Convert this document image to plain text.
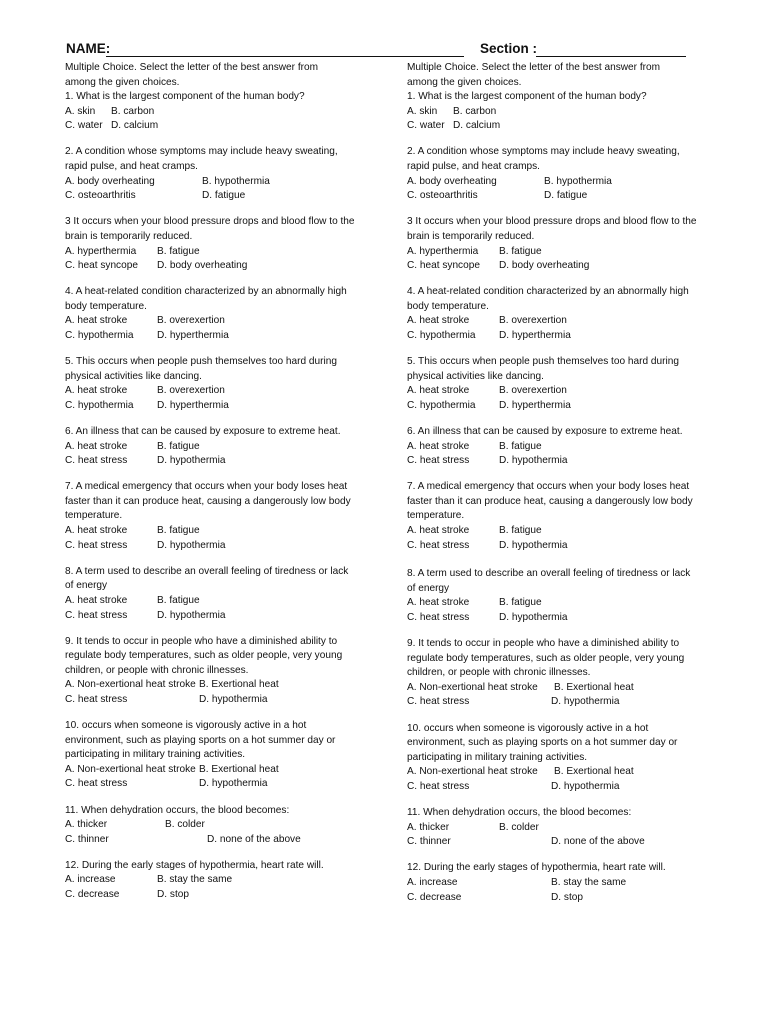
NAME:	Section :

Multiple Choice. Select the letter of the best answer from among the given choices.

1. What is the largest component of the human body?

A. skin B. carbon
C. water D. calcium

2. A condition whose symptoms may include heavy sweating, rapid pulse, and heat cramps.

A. body overheating	B. hypothermia
C. osteoarthritis	D. fatigue

3 It occurs when your blood pressure drops and blood flow to the brain is temporarily reduced.

A. hyperthermia B. fatigue
C. heat syncope D. body overheating

4. A heat-related condition characterized by an abnormally high body temperature.

A. heat stroke	B. overexertion
C. hypothermia D. hyperthermia

5. This occurs when people push themselves too hard during physical activities like dancing.

A. heat stroke	B. overexertion
C. hypothermia D. hyperthermia

6. An illness that can be caused by exposure to extreme heat.

A. heat stroke	B. fatigue
C. heat stress	D. hypothermia

7. A medical emergency that occurs when your body loses heat faster than it can produce heat, causing a dangerously low body temperature.

A. heat stroke	B. fatigue
C. heat stress	D. hypothermia

8. A term used to describe an overall feeling of tiredness or lack of energy

A. heat stroke	B. fatigue
C. heat stress	D. hypothermia

9. It tends to occur in people who have a diminished ability to regulate body temperatures, such as older people, very young children, or people with chronic illnesses.

A. Non-exertional heat stroke B. Exertional heat
C. heat stress	D. hypothermia

10. occurs when someone is vigorously active in a hot environment, such as playing sports on a hot summer day or participating in military training activities.

A. Non-exertional heat stroke B. Exertional heat
C. heat stress	D. hypothermia

11. When dehydration occurs, the blood becomes:

A. thicker	B. colder
C. thinner	D. none of the above

12. During the early stages of hypothermia, heart rate will.

A. increase	B. stay the same
C. decrease	D. stop

Multiple Choice. Select the letter of the best answer from among the given choices.

1. What is the largest component of the human body?

A. skin B. carbon
C. water D. calcium

2. A condition whose symptoms may include heavy sweating, rapid pulse, and heat cramps.

A. body overheating	B. hypothermia
C. osteoarthritis	D. fatigue

3 It occurs when your blood pressure drops and blood flow to the brain is temporarily reduced.

A. hyperthermia B. fatigue
C. heat syncope D. body overheating

4. A heat-related condition characterized by an abnormally high body temperature.

A. heat stroke	B. overexertion
C. hypothermia D. hyperthermia

5. This occurs when people push themselves too hard during physical activities like dancing.

A. heat stroke	B. overexertion
C. hypothermia D. hyperthermia

6. An illness that can be caused by exposure to extreme heat.

A. heat stroke	B. fatigue
C. heat stress	D. hypothermia

7. A medical emergency that occurs when your body loses heat faster than it can produce heat, causing a dangerously low body temperature.

A. heat stroke	B. fatigue
C. heat stress	D. hypothermia

8. A term used to describe an overall feeling of tiredness or lack of energy

A. heat stroke	B. fatigue
C. heat stress	D. hypothermia

9. It tends to occur in people who have a diminished ability to regulate body temperatures, such as older people, very young children, or people with chronic illnesses.

A. Non-exertional heat stroke B. Exertional heat
C. heat stress	D. hypothermia

10. occurs when someone is vigorously active in a hot environment, such as playing sports on a hot summer day or participating in military training activities.

A. Non-exertional heat stroke B. Exertional heat
C. heat stress	D. hypothermia

11. When dehydration occurs, the blood becomes:

A. thicker	B. colder
C. thinner	D. none of the above

12. During the early stages of hypothermia, heart rate will.

A. increase	B. stay the same
C. decrease	D. stop
